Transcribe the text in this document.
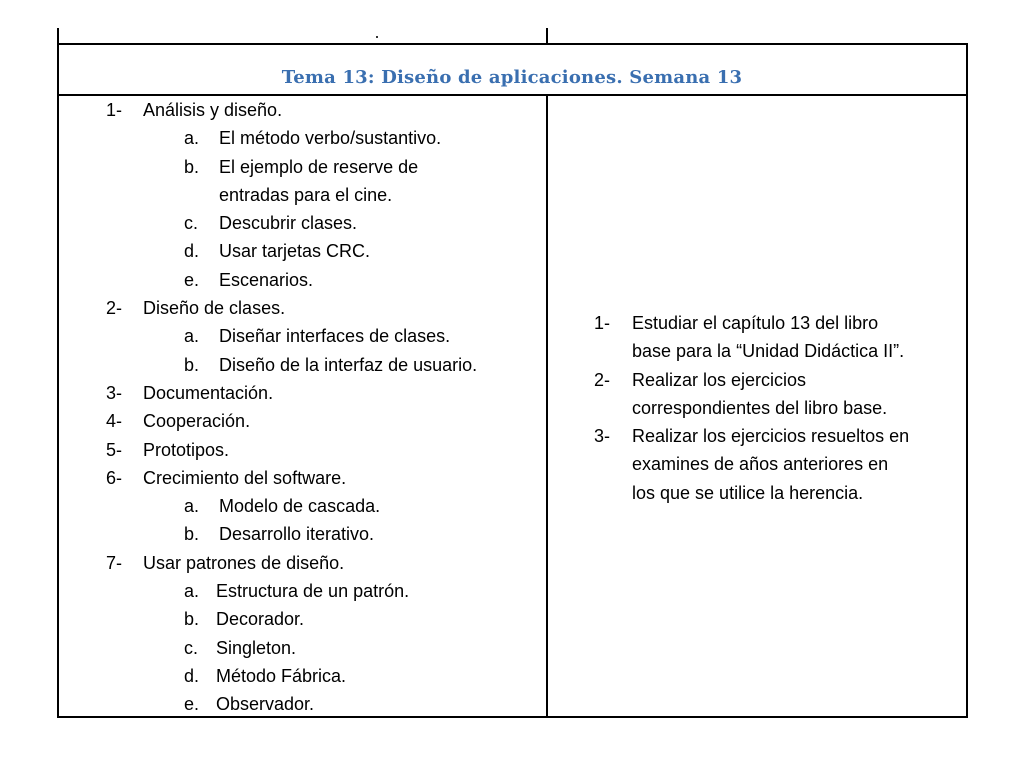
Tema 13: Diseño de aplicaciones. Semana 13
1- Análisis y diseño.
a. El método verbo/sustantivo.
b. El ejemplo de reserve de
entradas para el cine.
c. Descubrir clases.
d. Usar tarjetas CRC.
e. Escenarios.
2- Diseño de clases.
a. Diseñar interfaces de clases.
b. Diseño de la interfaz de usuario.
3- Documentación.
4- Cooperación.
5- Prototipos.
6- Crecimiento del software.
a. Modelo de cascada.
b. Desarrollo iterativo.
7- Usar patrones de diseño.
a. Estructura de un patrón.
b. Decorador.
c. Singleton.
d. Método Fábrica.
e. Observador.
1- Estudiar el capítulo 13 del libro
base para la “Unidad Didáctica II”.
2- Realizar los ejercicios
correspondientes del libro base.
3- Realizar los ejercicios resueltos en
examines de años anteriores en
los que se utilice la herencia.
